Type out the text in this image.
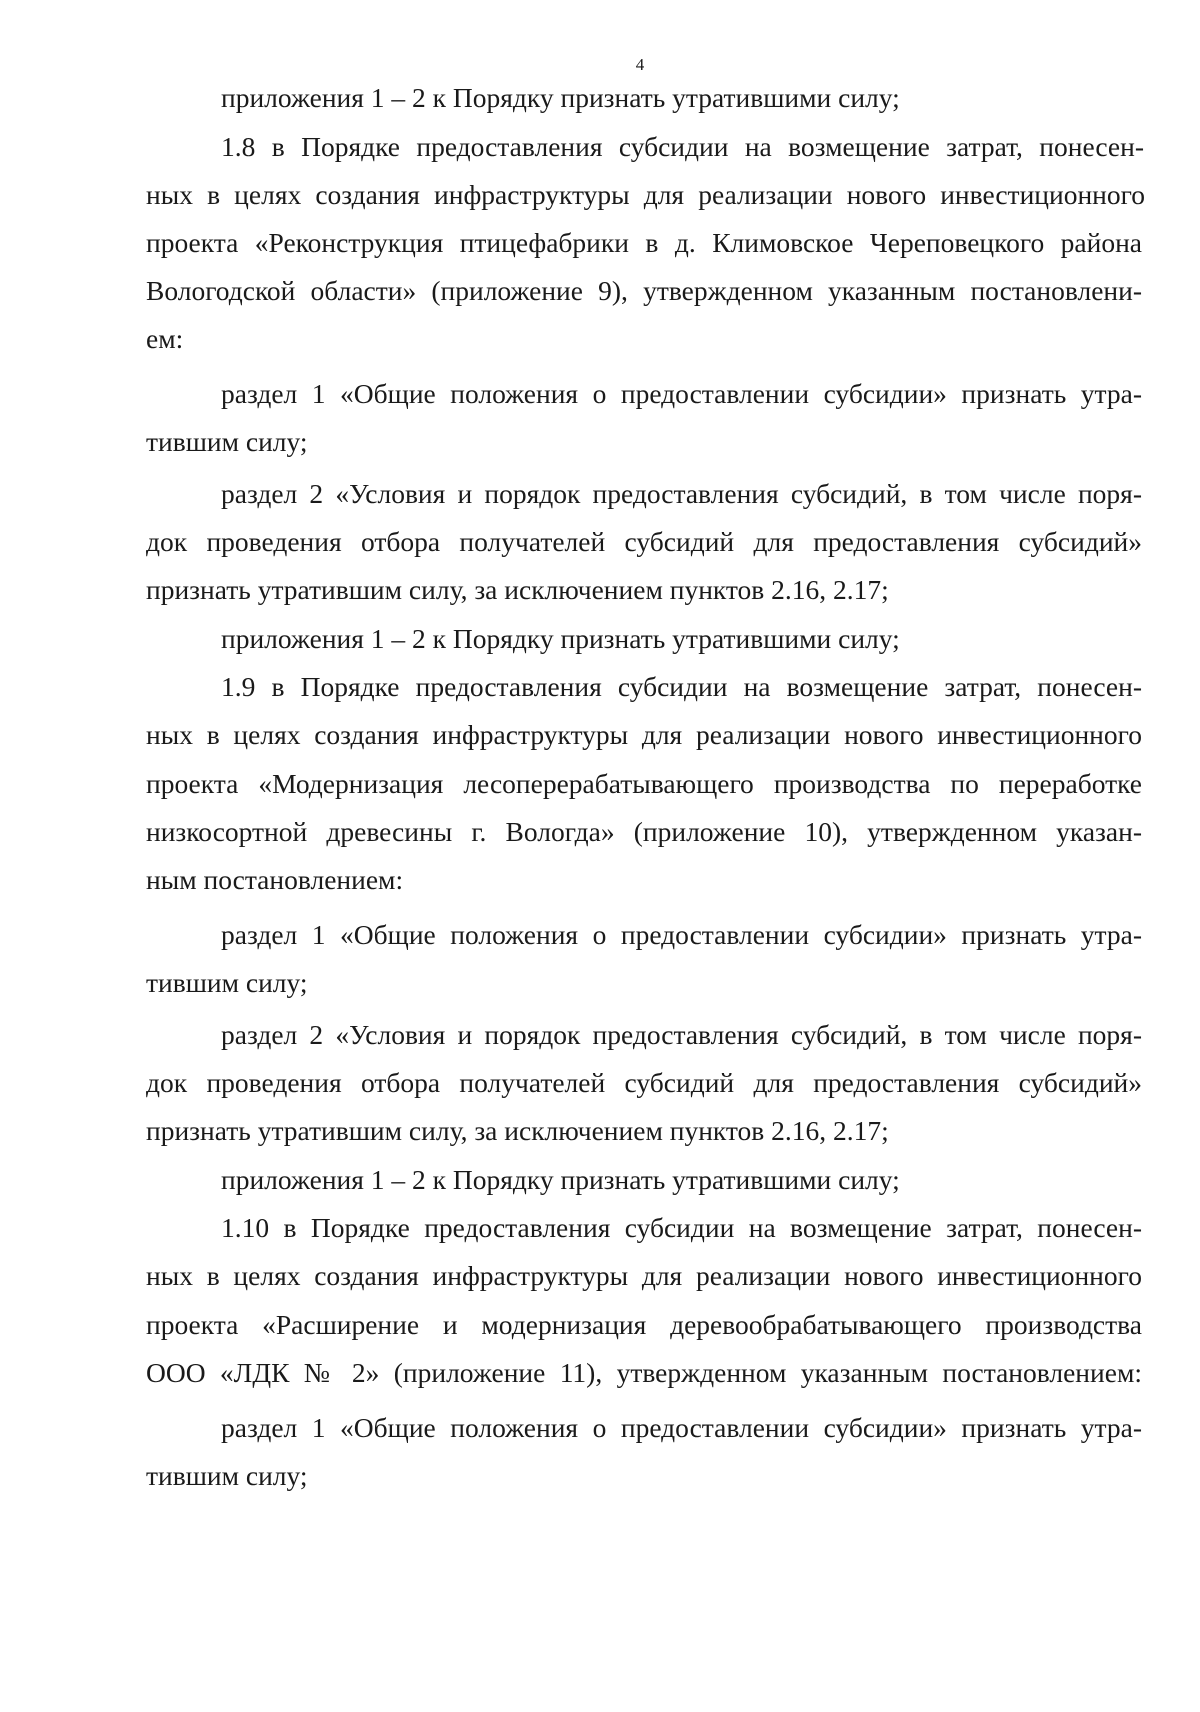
4
приложения 1 – 2 к Порядку признать утратившими силу;
1.8 в Порядке предоставления субсидии на возмещение затрат, понесен-
ных в целях создания инфраструктуры для реализации нового инвестиционного
проекта «Реконструкция птицефабрики в д. Климовское Череповецкого района
Вологодской области» (приложение 9), утвержденном указанным постановлени-
ем:
раздел 1 «Общие положения о предоставлении субсидии» признать утра-
тившим силу;
раздел 2 «Условия и порядок предоставления субсидий, в том числе поря-
док проведения отбора получателей субсидий для предоставления субсидий»
признать утратившим силу, за исключением пунктов 2.16, 2.17;
приложения 1 – 2 к Порядку признать утратившими силу;
1.9 в Порядке предоставления субсидии на возмещение затрат, понесен-
ных в целях создания инфраструктуры для реализации нового инвестиционного
проекта «Модернизация лесоперерабатывающего производства по переработке
низкосортной древесины г. Вологда» (приложение 10), утвержденном указан-
ным постановлением:
раздел 1 «Общие положения о предоставлении субсидии» признать утра-
тившим силу;
раздел 2 «Условия и порядок предоставления субсидий, в том числе поря-
док проведения отбора получателей субсидий для предоставления субсидий»
признать утратившим силу, за исключением пунктов 2.16, 2.17;
приложения 1 – 2 к Порядку признать утратившими силу;
1.10 в Порядке предоставления субсидии на возмещение затрат, понесен-
ных в целях создания инфраструктуры для реализации нового инвестиционного
проекта «Расширение и модернизация деревообрабатывающего производства
ООО «ЛДК № 2» (приложение 11), утвержденном указанным постановлением:
раздел 1 «Общие положения о предоставлении субсидии» признать утра-
тившим силу;
